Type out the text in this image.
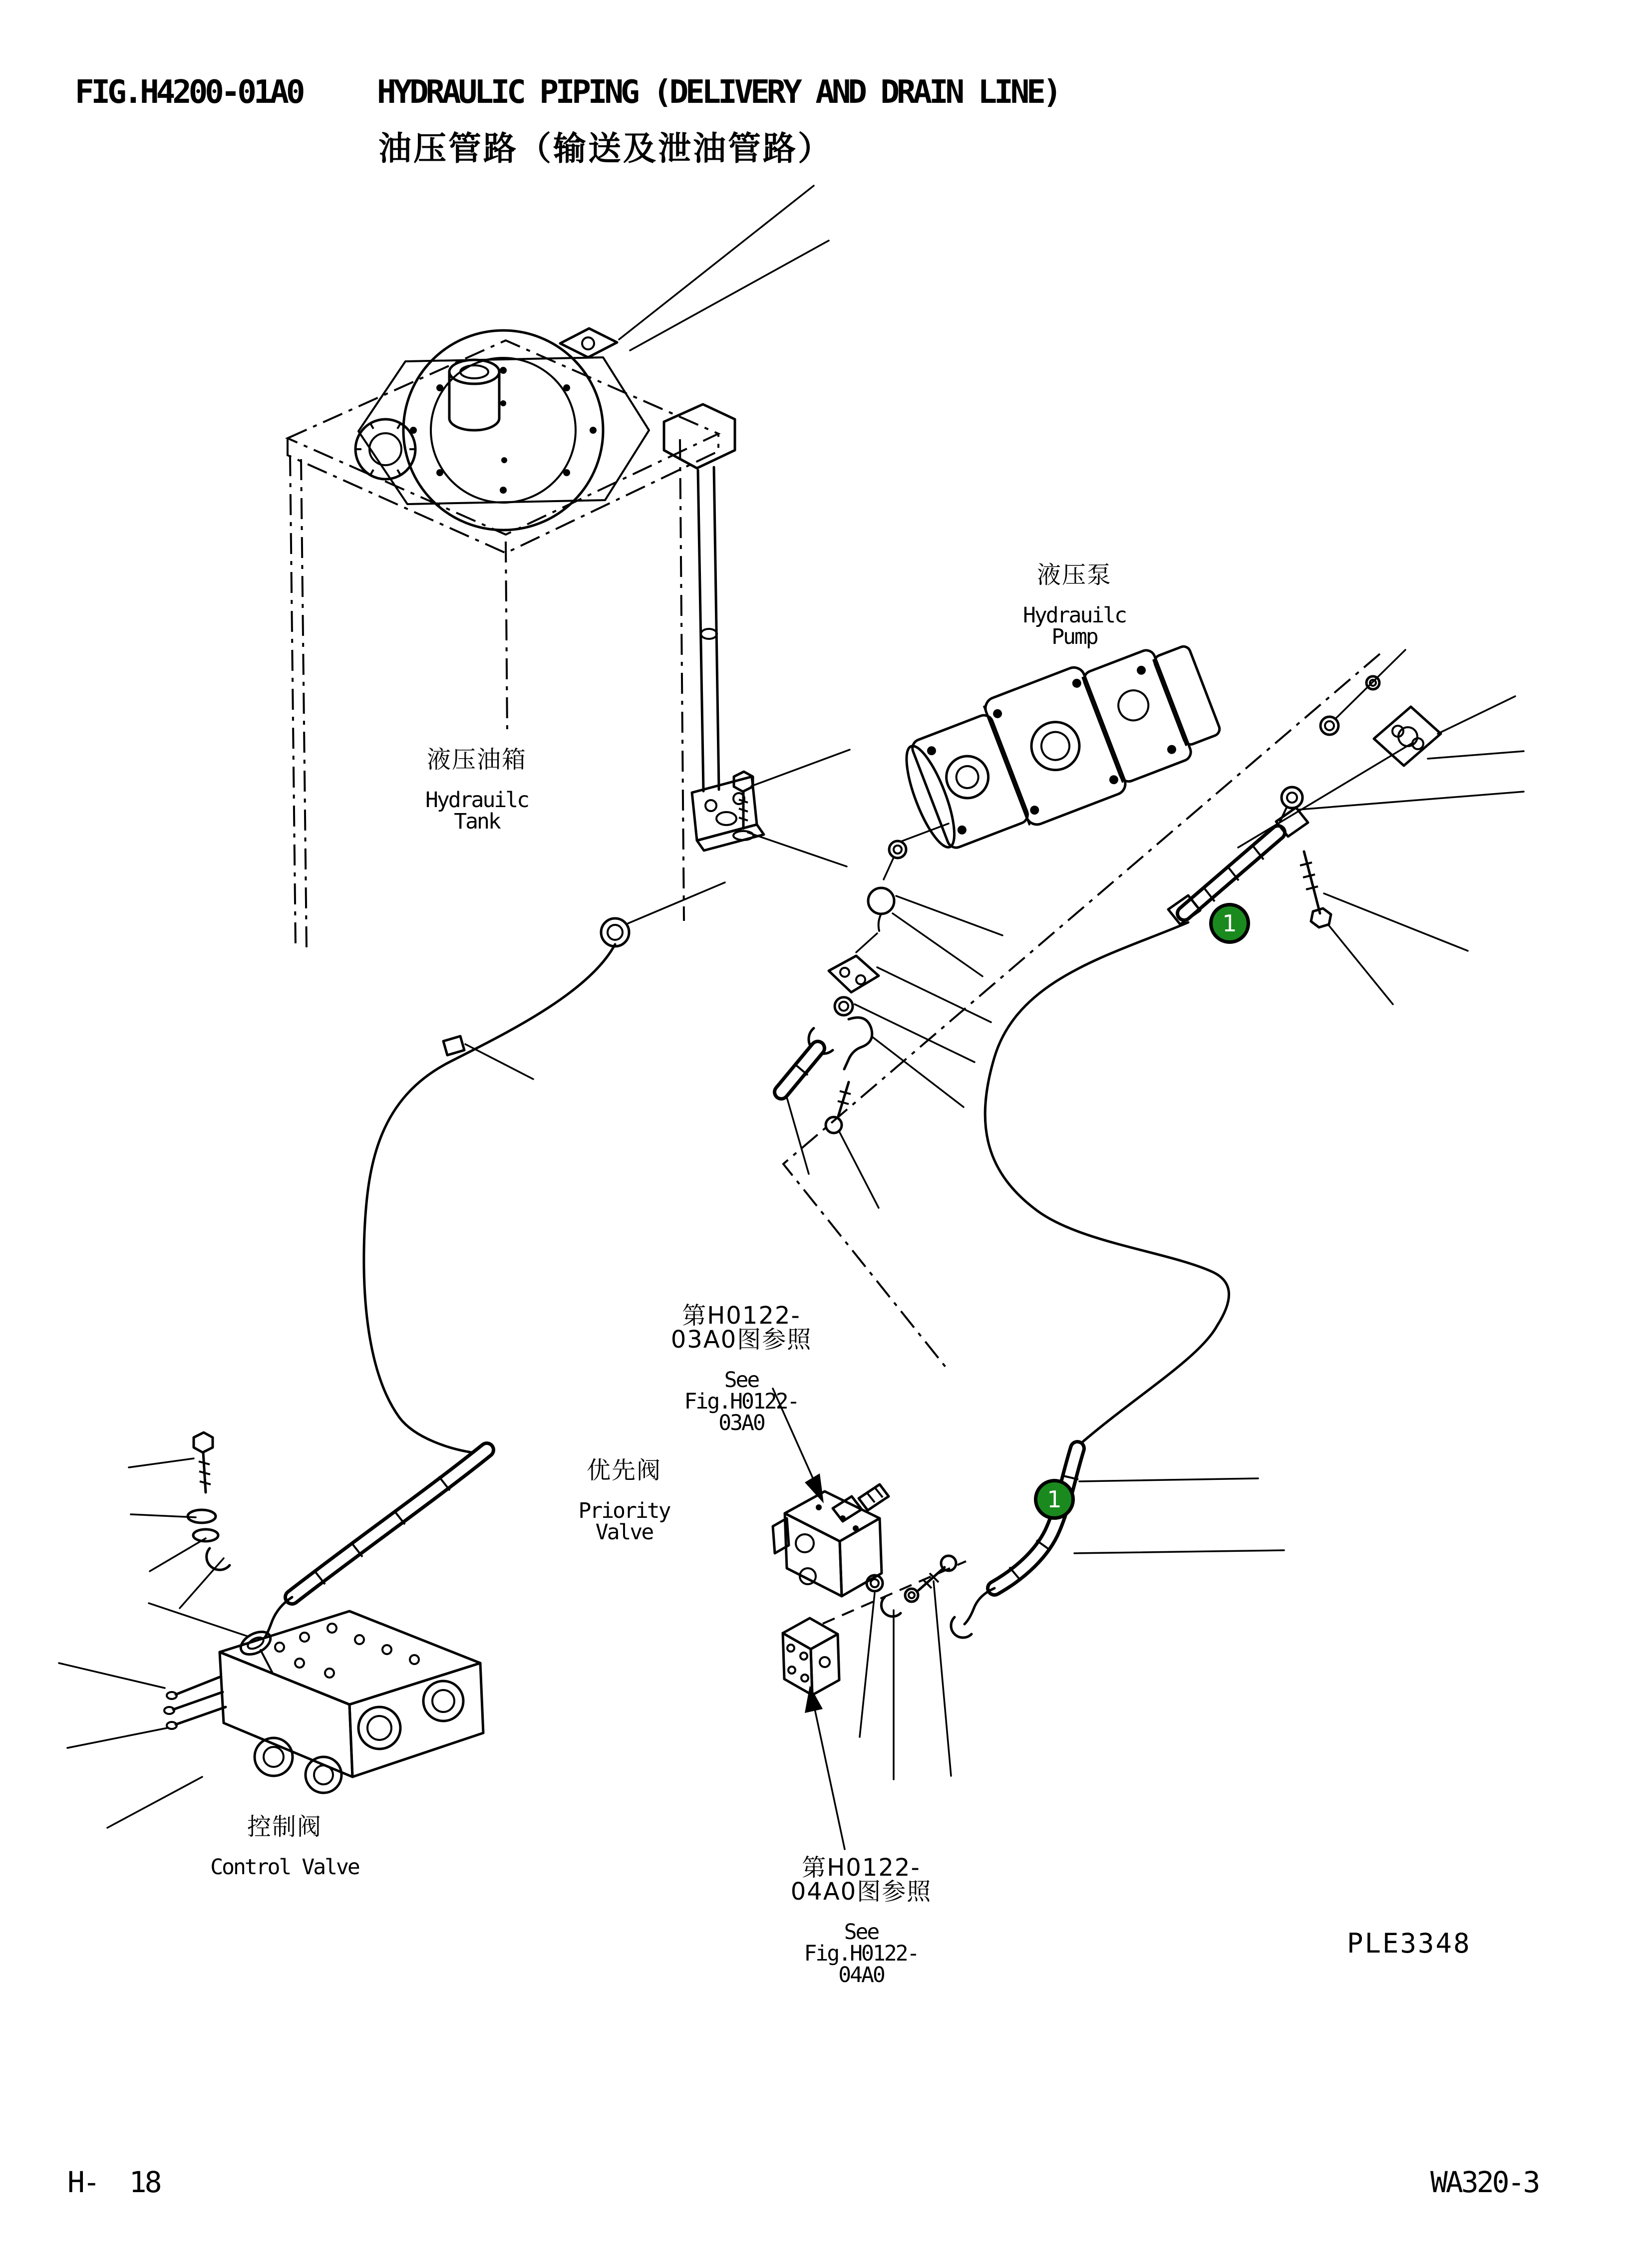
FIG.H4200-01A0 HYDRAULIC PIPING (DELIVERY AND DRAIN LINE)
油压管路（输送及泄油管路）
液压泵
Hydrauilc Pump
液压油箱
Hydrauilc Tank
第H0122-03A0图参照
See Fig.H0122-03A0
优先阀
Priority Valve
控制阀
Control Valve	第H0122-04A0图参照
See Fig.H0122-04A0
1
1
PLE3348
H-  18	WA320-3
